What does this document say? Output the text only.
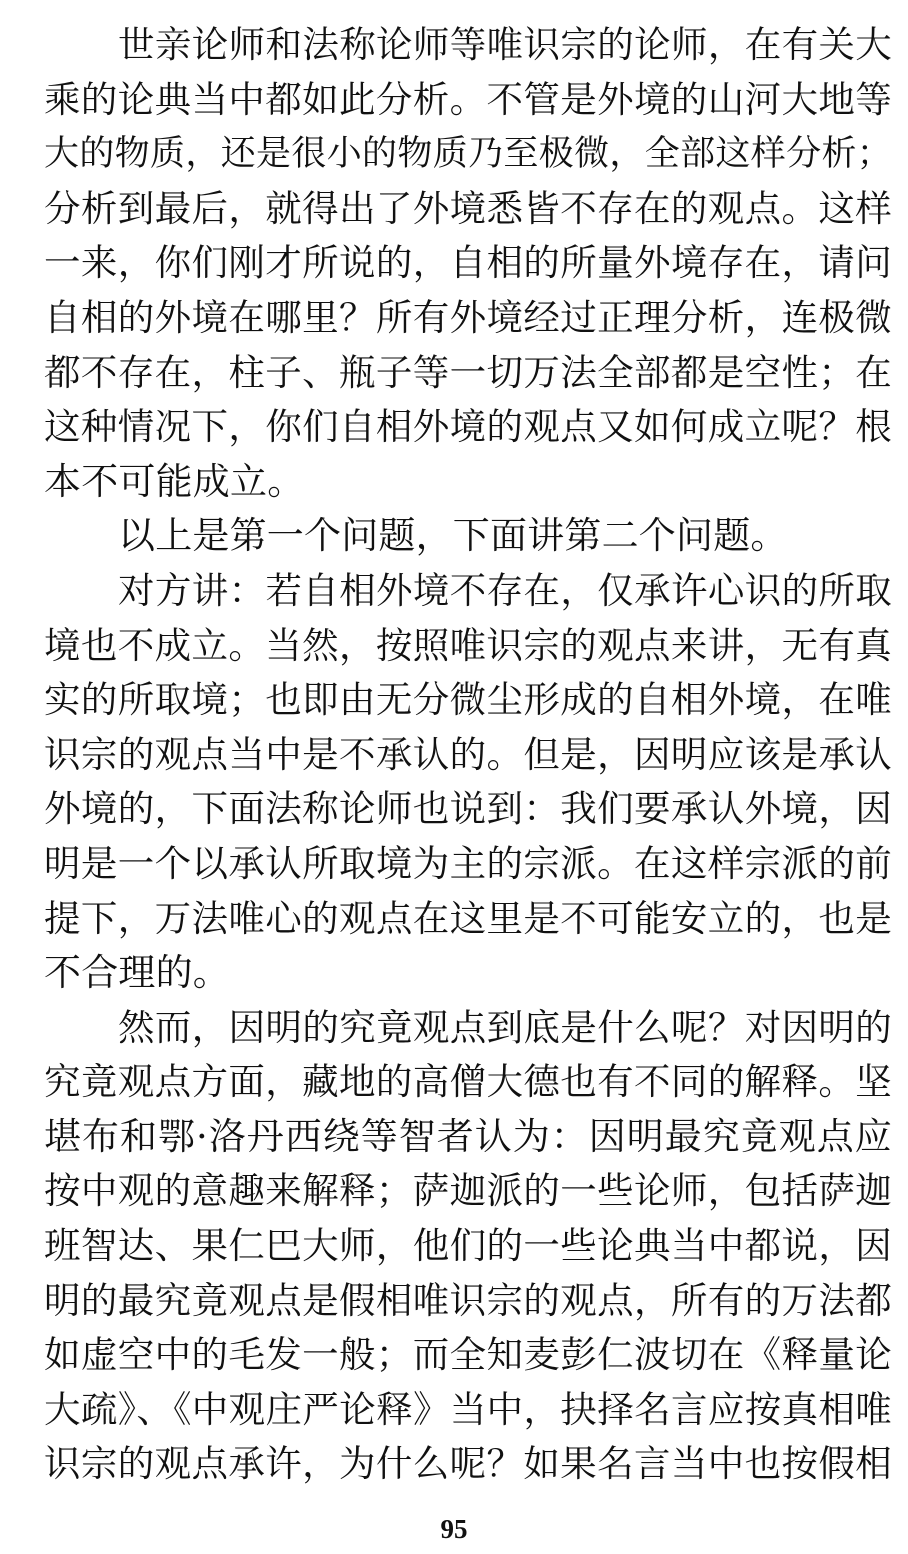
世亲论师和法称论师等唯识宗的论师，在有关大
乘的论典当中都如此分析。不管是外境的山河大地等
大的物质，还是很小的物质乃至极微，全部这样分析；
分析到最后，就得出了外境悉皆不存在的观点。这样
一来，你们刚才所说的，自相的所量外境存在，请问
自相的外境在哪里？所有外境经过正理分析，连极微
都不存在，柱子、瓶子等一切万法全部都是空性；在
这种情况下，你们自相外境的观点又如何成立呢？根
本不可能成立。
以上是第一个问题，下面讲第二个问题。
对方讲：若自相外境不存在，仅承许心识的所取
境也不成立。当然，按照唯识宗的观点来讲，无有真
实的所取境；也即由无分微尘形成的自相外境，在唯
识宗的观点当中是不承认的。但是，因明应该是承认
外境的，下面法称论师也说到：我们要承认外境，因
明是一个以承认所取境为主的宗派。在这样宗派的前
提下，万法唯心的观点在这里是不可能安立的，也是
不合理的。
然而，因明的究竟观点到底是什么呢？对因明的
究竟观点方面，藏地的高僧大德也有不同的解释。坚
堪布和鄂·洛丹西绕等智者认为：因明最究竟观点应
按中观的意趣来解释；萨迦派的一些论师，包括萨迦
班智达、果仁巴大师，他们的一些论典当中都说，因
明的最究竟观点是假相唯识宗的观点，所有的万法都
如虚空中的毛发一般；而全知麦彭仁波切在《释量论
大疏》、《中观庄严论释》当中，抉择名言应按真相唯
识宗的观点承许，为什么呢？如果名言当中也按假相
95
